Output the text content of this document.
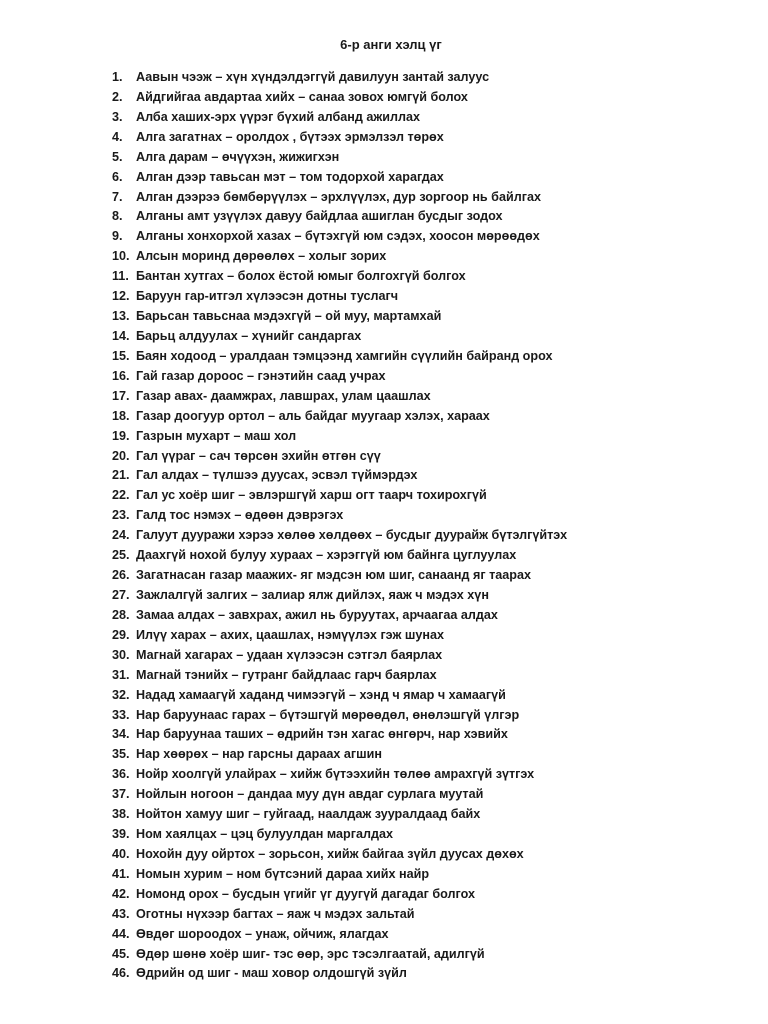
6-р анги хэлц үг
1.	Аавын чээж – хүн хүндэлдэггүй давилуун зантай залуус
2.	Айдгийгаа авдартаа хийх – санаа зовох юмгүй болох
3.	Алба хаших-эрх үүрэг бүхий албанд ажиллах
4.	Алга загатнах – оролдох , бүтээх эрмэлзэл төрөх
5.	Алга дарам – өчүүхэн, жижигхэн
6.	Алган дээр тавьсан мэт – том тодорхой харагдах
7.	Алган дээрээ бөмбөрүүлэх – эрхлүүлэх, дур зоргоор нь байлгах
8.	Алганы амт узүүлэх давуу байдлаа ашиглан бусдыг зодох
9.	Алганы хонхорхой хазах – бүтэхгүй юм сэдэх, хоосон мөрөөдөх
10. Алсын моринд дөрөөлөх – холыг зорих
11. Бантан хутгах – болох ёстой юмыг болгохгүй болгох
12. Баруун гар-итгэл хүлээсэн дотны туслагч
13. Барьсан тавьснаа мэдэхгүй – ой муу, мартамхай
14. Барьц алдуулах – хүнийг сандаргах
15. Баян ходоод – уралдаан тэмцээнд хамгийн сүүлийн байранд орох
16. Гай газар дороос – гэнэтийн саад учрах
17. Газар авах- даамжрах, лавшрах, улам цаашлах
18. Газар доогуур ортол – аль байдаг муугаар хэлэх, хараах
19. Газрын мухарт – маш хол
20. Гал үүраг – сач төрсөн эхийн өтгөн сүү
21. Гал алдах – түлшээ дуусах, эсвэл түймэрдэх
22. Гал ус хоёр шиг – эвлэршгүй харш огт таарч тохирохгүй
23. Галд тос нэмэх – өдөөн дэврэгэх
24. Галуут дууражи хэрээ хөлөө хөлдөөх – бусдыг дуурайж бүтэлгүйтэх
25. Даахгүй нохой булуу хураах – хэрэггүй юм байнга цуглуулах
26. Загатнасан газар маажих- яг мэдсэн юм шиг, санаанд яг таарах
27. Зажлалгүй залгих – залиар ялж дийлэх, яаж ч мэдэх хүн
28. Замаа алдах – завхрах, ажил нь буруутах, арчаагаа алдах
29. Илүү харах – ахих, цаашлах, нэмүүлэх гэж шунах
30. Магнай хагарах – удаан хүлээсэн сэтгэл баярлах
31. Магнай тэнийх – гутранг байдлаас гарч баярлах
32. Надад хамаагүй хаданд чимээгүй – хэнд ч ямар ч хамаагүй
33. Нар баруунаас гарах – бүтэшгүй мөрөөдөл, өнөлэшгүй үлгэр
34. Нар баруунаа таших – өдрийн тэн хагас өнгөрч, нар хэвийх
35. Нар хөөрөх – нар гарсны дараах агшин
36. Нойр хоолгүй улайрах – хийж бүтээхийн төлөө амрахгүй зүтгэх
37. Нойлын ногоон – дандаа муу дүн авдаг сурлага муутай
38. Нойтон хамуу шиг – гуйгаад, наалдаж зууралдаад байх
39. Ном хаялцах – цэц булуулдан маргалдах
40. Нохойн дуу ойртох – зорьсон, хийж байгаа зүйл дуусах дөхөх
41. Номын хурим – ном бүтсэний дараа хийх найр
42. Номонд орох – бусдын үгийг үг дуугүй дагадаг болгох
43. Оготны нүхээр багтах – яаж ч мэдэх зальтай
44. Өвдөг шороодох – унаж, ойчиж, ялагдах
45. Өдөр шөнө хоёр шиг- тэс өөр, эрс тэсэлгаатай, адилгүй
46. Өдрийн од шиг - маш ховор олдошгүй зүйл
